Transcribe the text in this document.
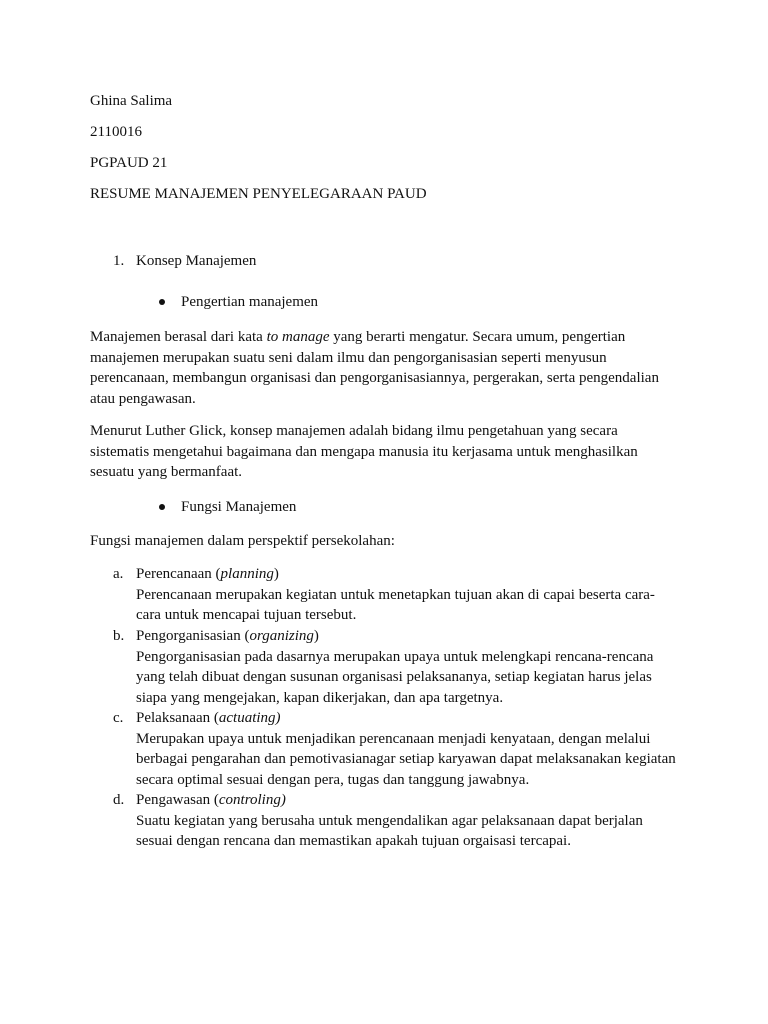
Ghina Salima
2110016
PGPAUD 21
RESUME MANAJEMEN PENYELEGARAAN PAUD
1. Konsep Manajemen
Pengertian manajemen
Manajemen berasal dari kata to manage yang berarti mengatur. Secara umum, pengertian
manajemen merupakan suatu seni dalam ilmu dan pengorganisasian seperti menyusun
perencanaan, membangun organisasi dan pengorganisasiannya, pergerakan, serta pengendalian
atau pengawasan.
Menurut Luther Glick, konsep manajemen adalah bidang ilmu pengetahuan yang secara
sistematis mengetahui bagaimana dan mengapa manusia itu kerjasama untuk menghasilkan
sesuatu yang bermanfaat.
Fungsi Manajemen
Fungsi manajemen dalam perspektif persekolahan:
a. Perencanaan (planning)
Perencanaan merupakan kegiatan untuk menetapkan tujuan akan di capai beserta cara-
cara untuk mencapai tujuan tersebut.
b. Pengorganisasian (organizing)
Pengorganisasian pada dasarnya merupakan upaya untuk melengkapi rencana-rencana
yang telah dibuat dengan susunan organisasi pelaksananya, setiap kegiatan harus jelas
siapa yang mengejakan, kapan dikerjakan, dan apa targetnya.
c. Pelaksanaan (actuating)
Merupakan upaya untuk menjadikan perencanaan menjadi kenyataan, dengan melalui
berbagai pengarahan dan pemotivasianagar setiap karyawan dapat melaksanakan kegiatan
secara optimal sesuai dengan pera, tugas dan tanggung jawabnya.
d. Pengawasan (controling)
Suatu kegiatan yang berusaha untuk mengendalikan agar pelaksanaan dapat berjalan
sesuai dengan rencana dan memastikan apakah tujuan orgaisasi tercapai.
